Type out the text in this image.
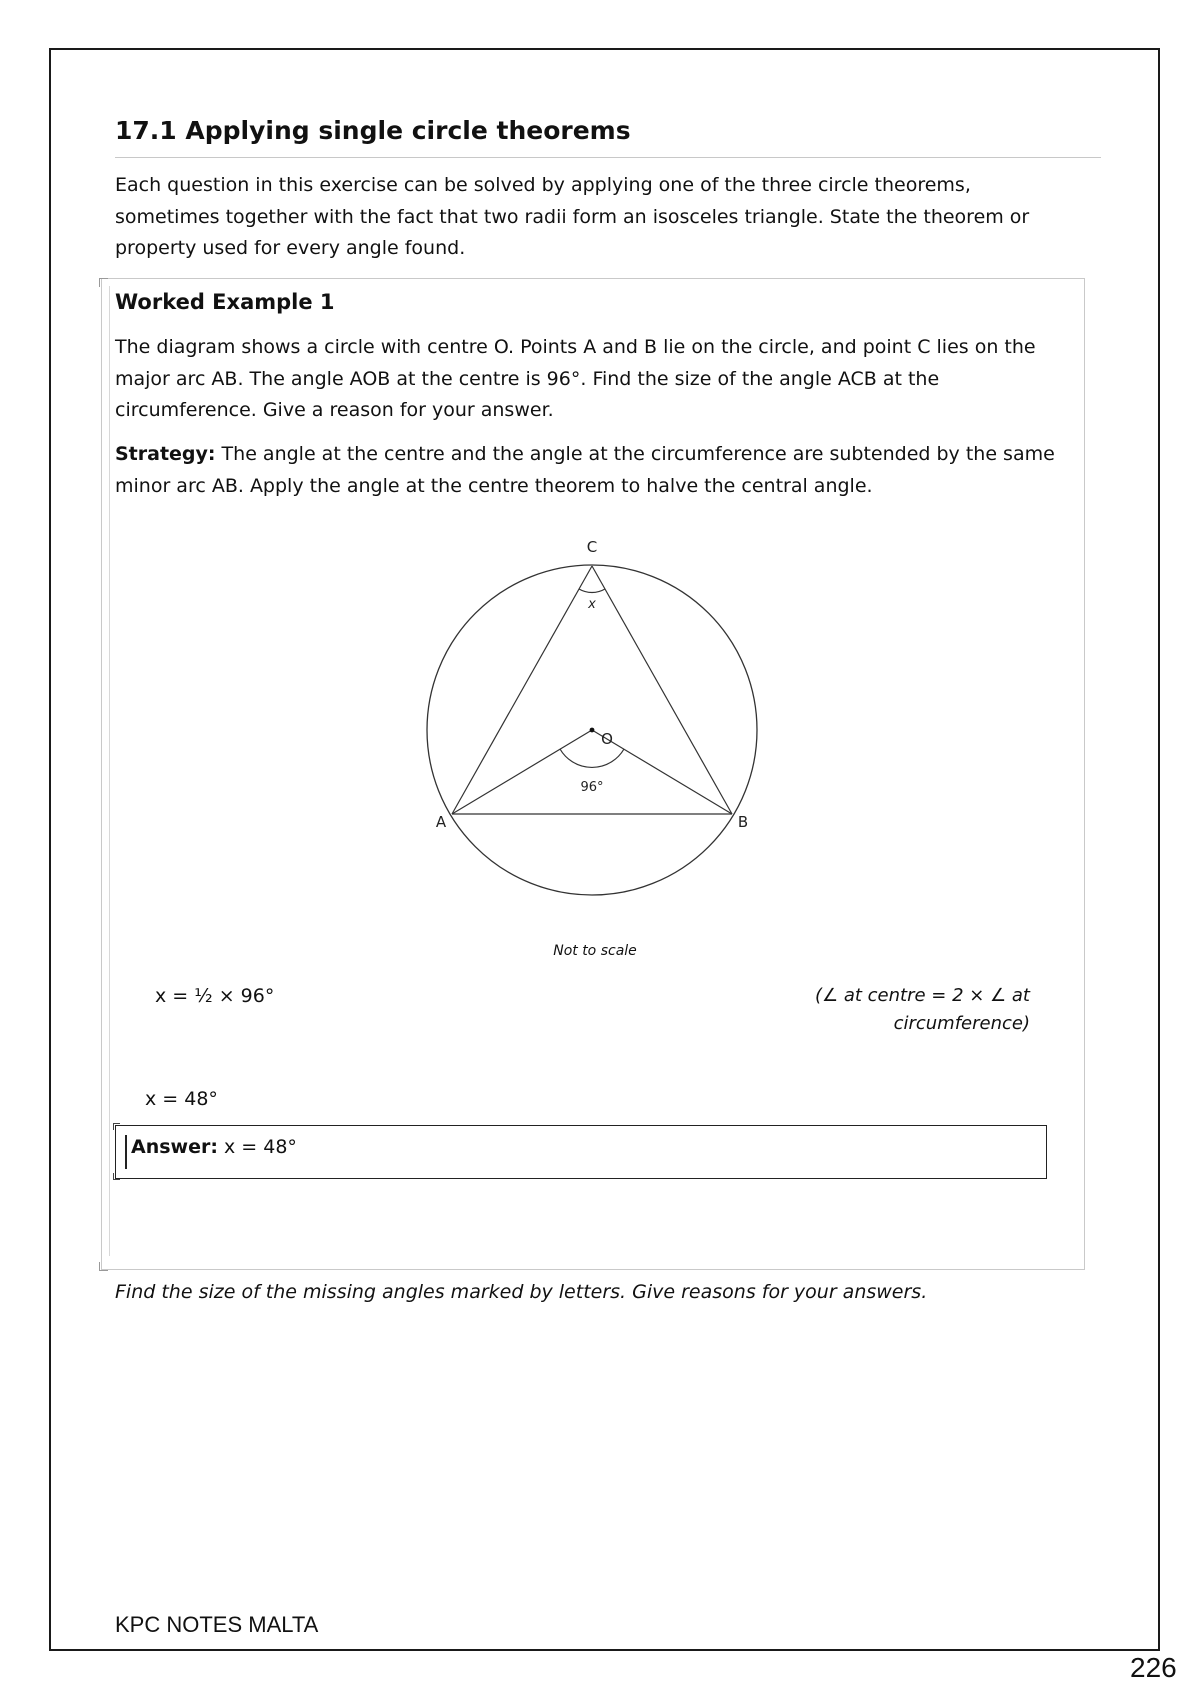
17.1 Applying single circle theorems
Each question in this exercise can be solved by applying one of the three circle theorems, sometimes together with the fact that two radii form an isosceles triangle. State the theorem or property used for every angle found.
Worked Example 1
The diagram shows a circle with centre O. Points A and B lie on the circle, and point C lies on the major arc AB. The angle AOB at the centre is 96°. Find the size of the angle ACB at the circumference. Give a reason for your answer.
Strategy: The angle at the centre and the angle at the circumference are subtended by the same minor arc AB. Apply the angle at the centre theorem to halve the central angle.
C
x
O
96°
A	B
Not to scale
x = ½ × 96°	(∠ at centre = 2 × ∠ at circumference)
x = 48°
Answer: x = 48°
Find the size of the missing angles marked by letters. Give reasons for your answers.
KPC NOTES MALTA
226
